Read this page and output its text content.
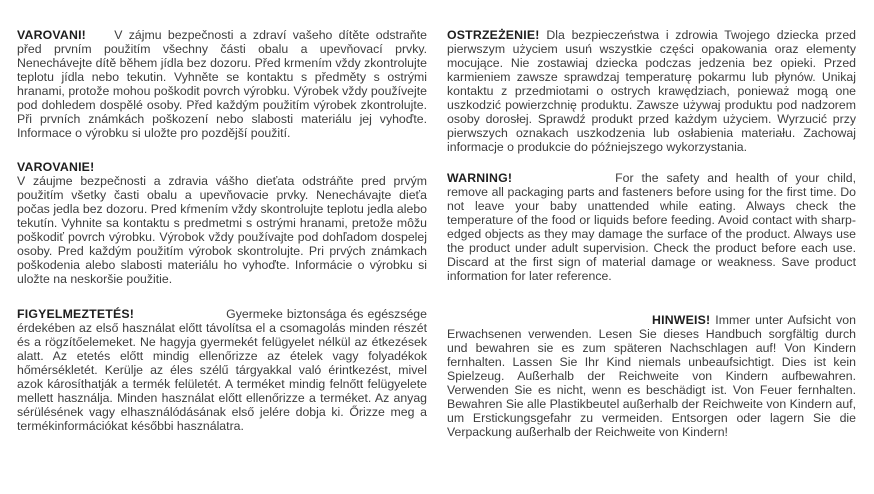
VAROVANI! V zájmu bezpečnosti a zdraví vašeho dítěte odstraňte před prvním použitím všechny části obalu a upevňovací prvky. Nenechávejte dítě během jídla bez dozoru. Před krmením vždy zkontrolujte teplotu jídla nebo tekutin. Vyhněte se kontaktu s předměty s ostrými hranami, protože mohou poškodit povrch výrobku. Výrobek vždy používejte pod dohledem dospělé osoby. Před každým použitím výrobek zkontrolujte. Při prvních známkách poškození nebo slabosti materiálu jej vyhoďte. Informace o výrobku si uložte pro pozdější použití.

VAROVANIE!

V záujme bezpečnosti a zdravia vášho dieťata odstráňte pred prvým použitím všetky časti obalu a upevňovacie prvky. Nenechávajte dieťa počas jedla bez dozoru. Pred kŕmením vždy skontrolujte teplotu jedla alebo tekutín. Vyhnite sa kontaktu s predmetmi s ostrými hranami, pretože môžu poškodiť povrch výrobku. Výrobok vždy používajte pod dohľadom dospelej osoby. Pred každým použitím výrobok skontrolujte. Pri prvých známkach poškodenia alebo slabosti materiálu ho vyhoďte. Informácie o výrobku si uložte na neskoršie použitie.

FIGYELMEZTETÉS!	Gyermeke biztonsága és egészsége érdekében az első használat előtt távolítsa el a csomagolás minden részét és a rögzítőelemeket. Ne hagyja gyermekét felügyelet nélkül az étkezések alatt. Az etetés előtt mindig ellenőrizze az ételek vagy folyadékok hőmérsékletét. Kerülje az éles szélű tárgyakkal való érintkezést, mivel azok károsíthatják a termék felületét. A terméket mindig felnőtt felügyelete mellett használja. Minden használat előtt ellenőrizze a terméket. Az anyag sérülésének vagy elhasználódásának első jelére dobja ki. Őrizze meg a termékinformációkat későbbi használatra.

OSTRZEŻENIE! Dla bezpieczeństwa i zdrowia Twojego dziecka przed pierwszym użyciem usuń wszystkie części opakowania oraz elementy mocujące. Nie zostawiaj dziecka podczas jedzenia bez opieki. Przed karmieniem zawsze sprawdzaj temperaturę pokarmu lub płynów. Unikaj kontaktu z przedmiotami o ostrych krawędziach, ponieważ mogą one uszkodzić powierzchnię produktu. Zawsze używaj produktu pod nadzorem osoby dorosłej. Sprawdź produkt przed każdym użyciem. Wyrzucić przy pierwszych oznakach uszkodzenia lub osłabienia materiału. Zachowaj informacje o produkcie do późniejszego wykorzystania.

WARNING!	For the safety and health of your child, remove all packaging parts and fasteners before using for the first time. Do not leave your baby unattended while eating. Always check the temperature of the food or liquids before feeding. Avoid contact with sharp-edged objects as they may damage the surface of the product. Always use the product under adult supervision. Check the product before each use. Discard at the first sign of material damage or weakness. Save product information for later reference.

HINWEIS! Immer unter Aufsicht von Erwachsenen verwenden. Lesen Sie dieses Handbuch sorgfältig durch und bewahren sie es zum späteren Nachschlagen auf! Von Kindern fernhalten. Lassen Sie Ihr Kind niemals unbeaufsichtigt. Dies ist kein Spielzeug. Außerhalb der Reichweite von Kindern aufbewahren. Verwenden Sie es nicht, wenn es beschädigt ist. Von Feuer fernhalten. Bewahren Sie alle Plastikbeutel außerhalb der Reichweite von Kindern auf, um Erstickungsgefahr zu vermeiden. Entsorgen oder lagern Sie die Verpackung außerhalb der Reichweite von Kindern!
